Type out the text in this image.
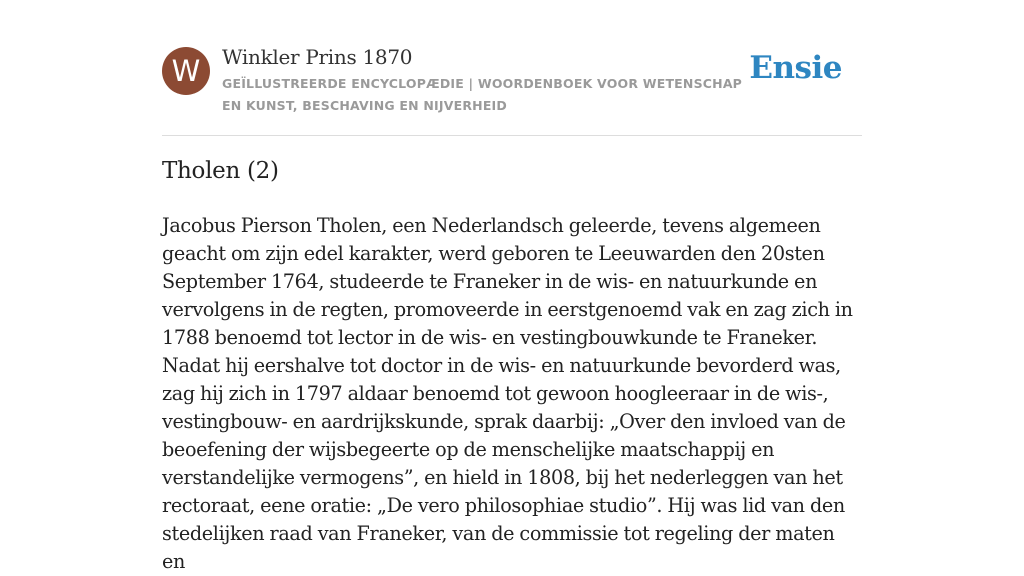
W	Winkler Prins 1870
GEÏLLUSTREERDE ENCYCLOPÆDIE | WOORDENBOEK VOOR WETENSCHAP EN KUNST, BESCHAVING EN NIJVERHEID
Ensie
Tholen (2)

Jacobus Pierson Tholen, een Nederlandsch geleerde, tevens algemeen geacht om zijn edel karakter, werd geboren te Leeuwarden den 20sten September 1764, studeerde te Franeker in de wis- en natuurkunde en vervolgens in de regten, promoveerde in eerstgenoemd vak en zag zich in 1788 benoemd tot lector in de wis- en vestingbouwkunde te Franeker. Nadat hij eershalve tot doctor in de wis- en natuurkunde bevorderd was, zag hij zich in 1797 aldaar benoemd tot gewoon hoogleeraar in de wis-, vestingbouw- en aardrijkskunde, sprak daarbij: „Over den invloed van de beoefening der wijsbegeerte op de menschelijke maatschappij en verstandelijke vermogens”, en hield in 1808, bij het nederleggen van het rectoraat, eene oratie: „De vero philosophiae studio”. Hij was lid van den stedelijken raad van Franeker, van de commissie tot regeling der maten en
